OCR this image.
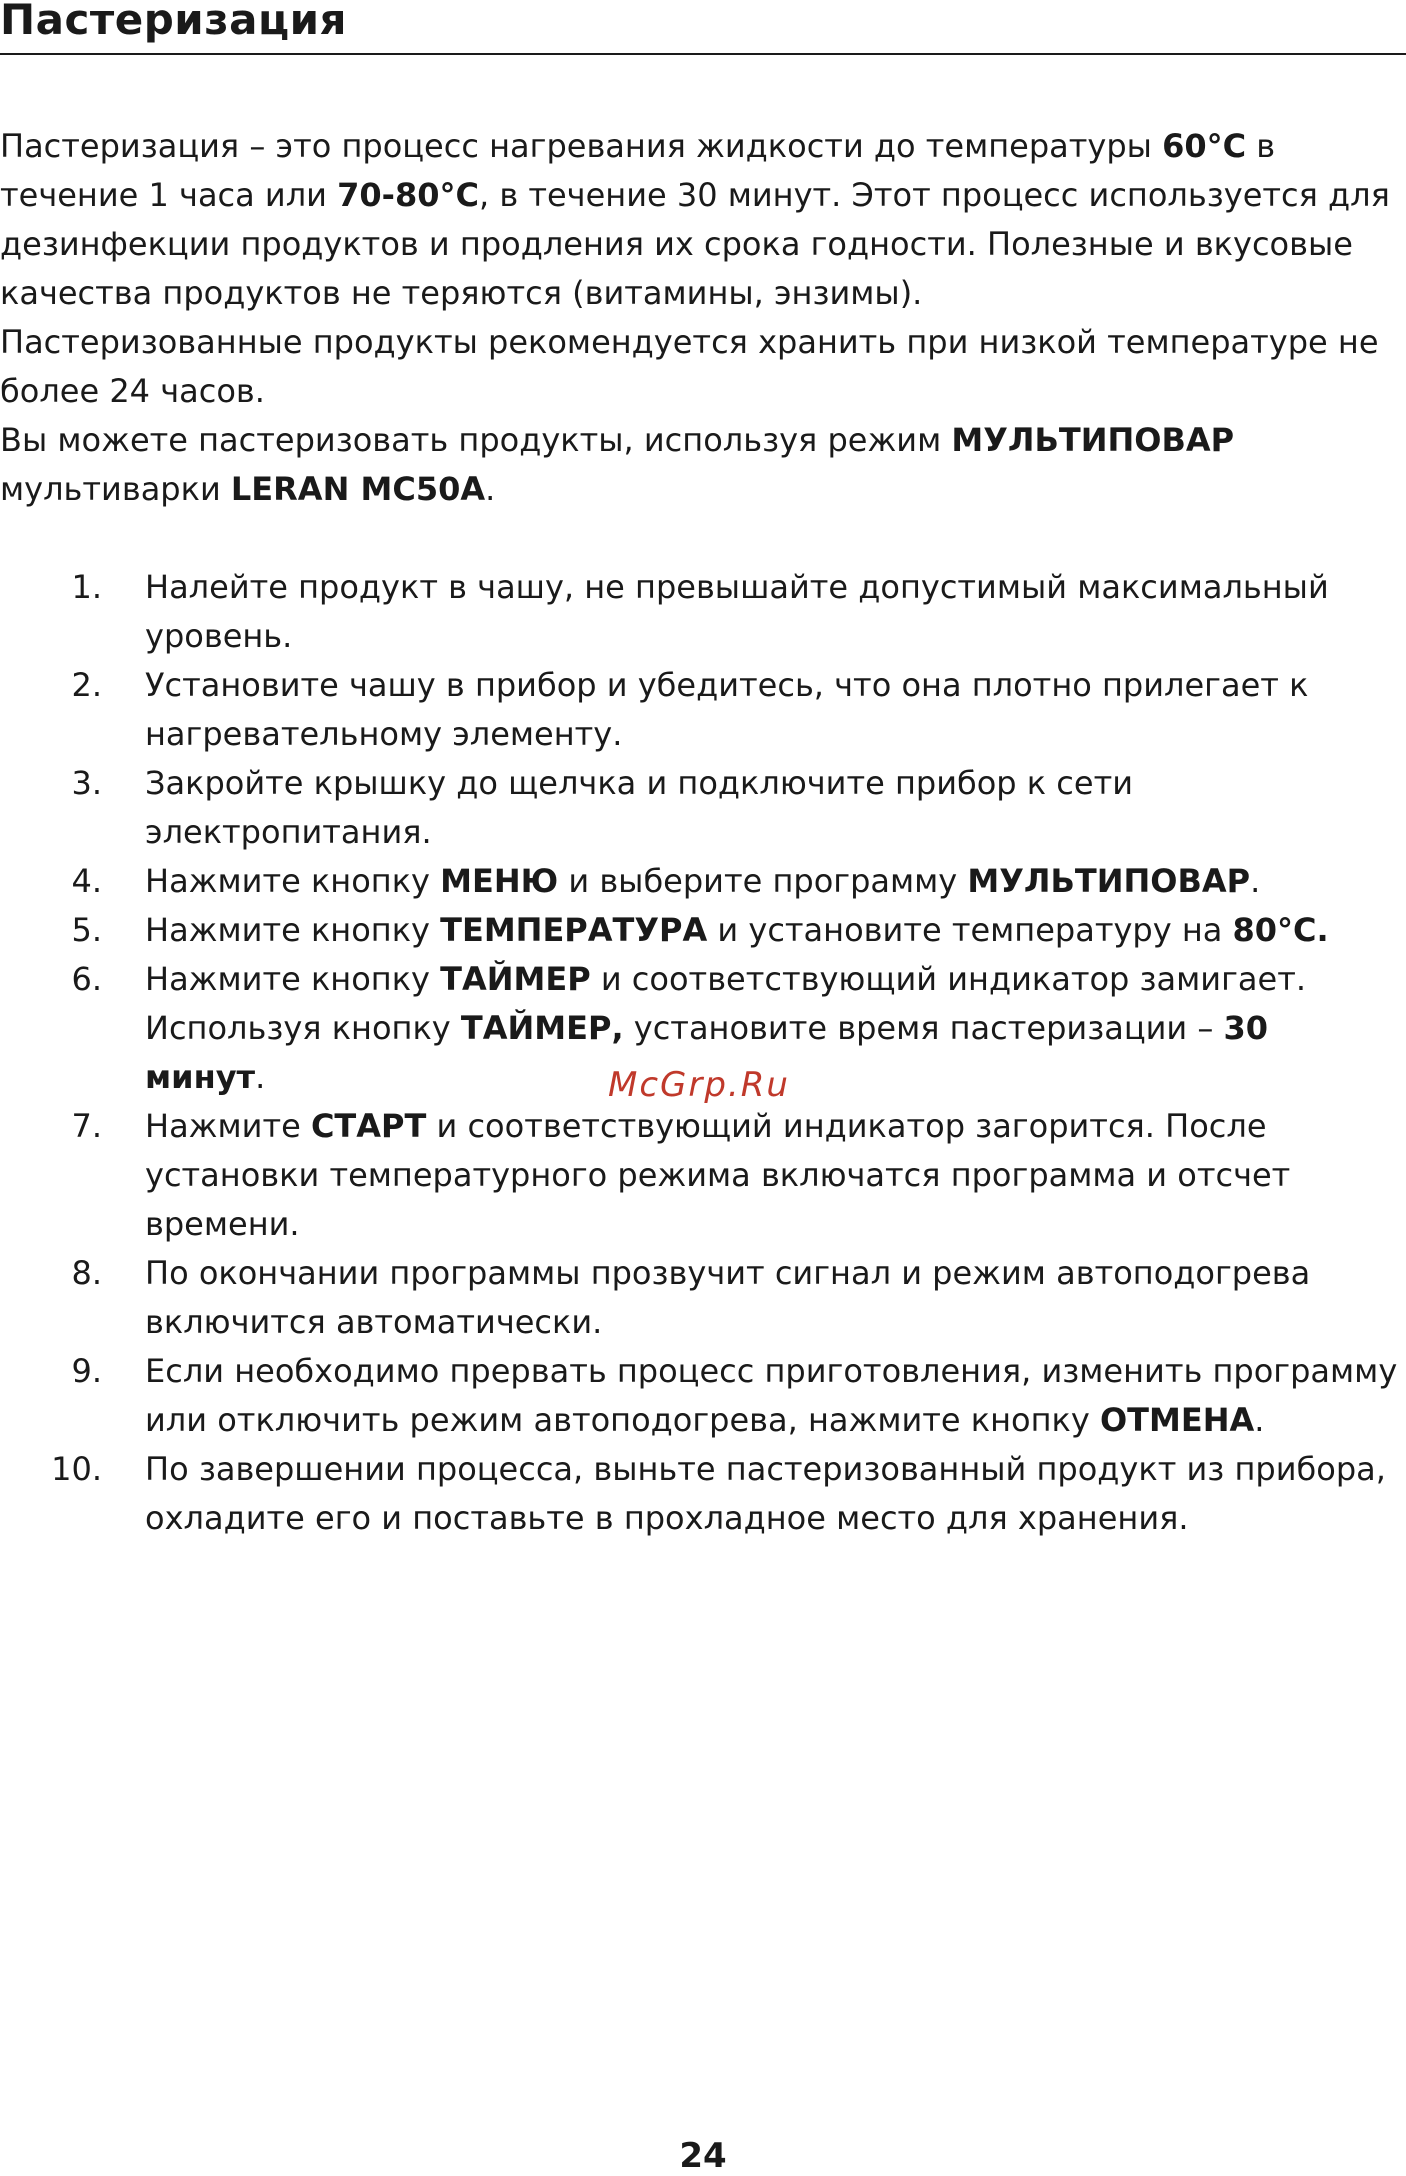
Пастеризация

Пастеризация – это процесс нагревания жидкости до температуры 60°С в течение 1 часа или 70-80°С, в течение 30 минут. Этот процесс используется для дезинфекции продуктов и продления их срока годности. Полезные и вкусовые качества продуктов не теряются (витамины, энзимы).

Пастеризованные продукты рекомендуется хранить при низкой температуре не более 24 часов.

Вы можете пастеризовать продукты, используя режим МУЛЬТИПОВАР мультиварки LERAN MC50A.

1. Налейте продукт в чашу, не превышайте допустимый максимальный уровень.
2. Установите чашу в прибор и убедитесь, что она плотно прилегает к нагревательному элементу.
3. Закройте крышку до щелчка и подключите прибор к сети электропитания.
4. Нажмите кнопку МЕНЮ и выберите программу МУЛЬТИПОВАР.
5. Нажмите кнопку ТЕМПЕРАТУРА и установите температуру на 80°С.
6. Нажмите кнопку ТАЙМЕР и соответствующий индикатор замигает. Используя кнопку ТАЙМЕР, установите время пастеризации – 30 минут.
7. Нажмите СТАРТ и соответствующий индикатор загорится. После установки температурного режима включатся программа и отсчет времени.
8. По окончании программы прозвучит сигнал и режим автоподогрева включится автоматически.
9. Если необходимо прервать процесс приготовления, изменить программу или отключить режим автоподогрева, нажмите кнопку ОТМЕНА.
10. По завершении процесса, выньте пастеризованный продукт из прибора, охладите его и поставьте в прохладное место для хранения.
McGrp.Ru
24
